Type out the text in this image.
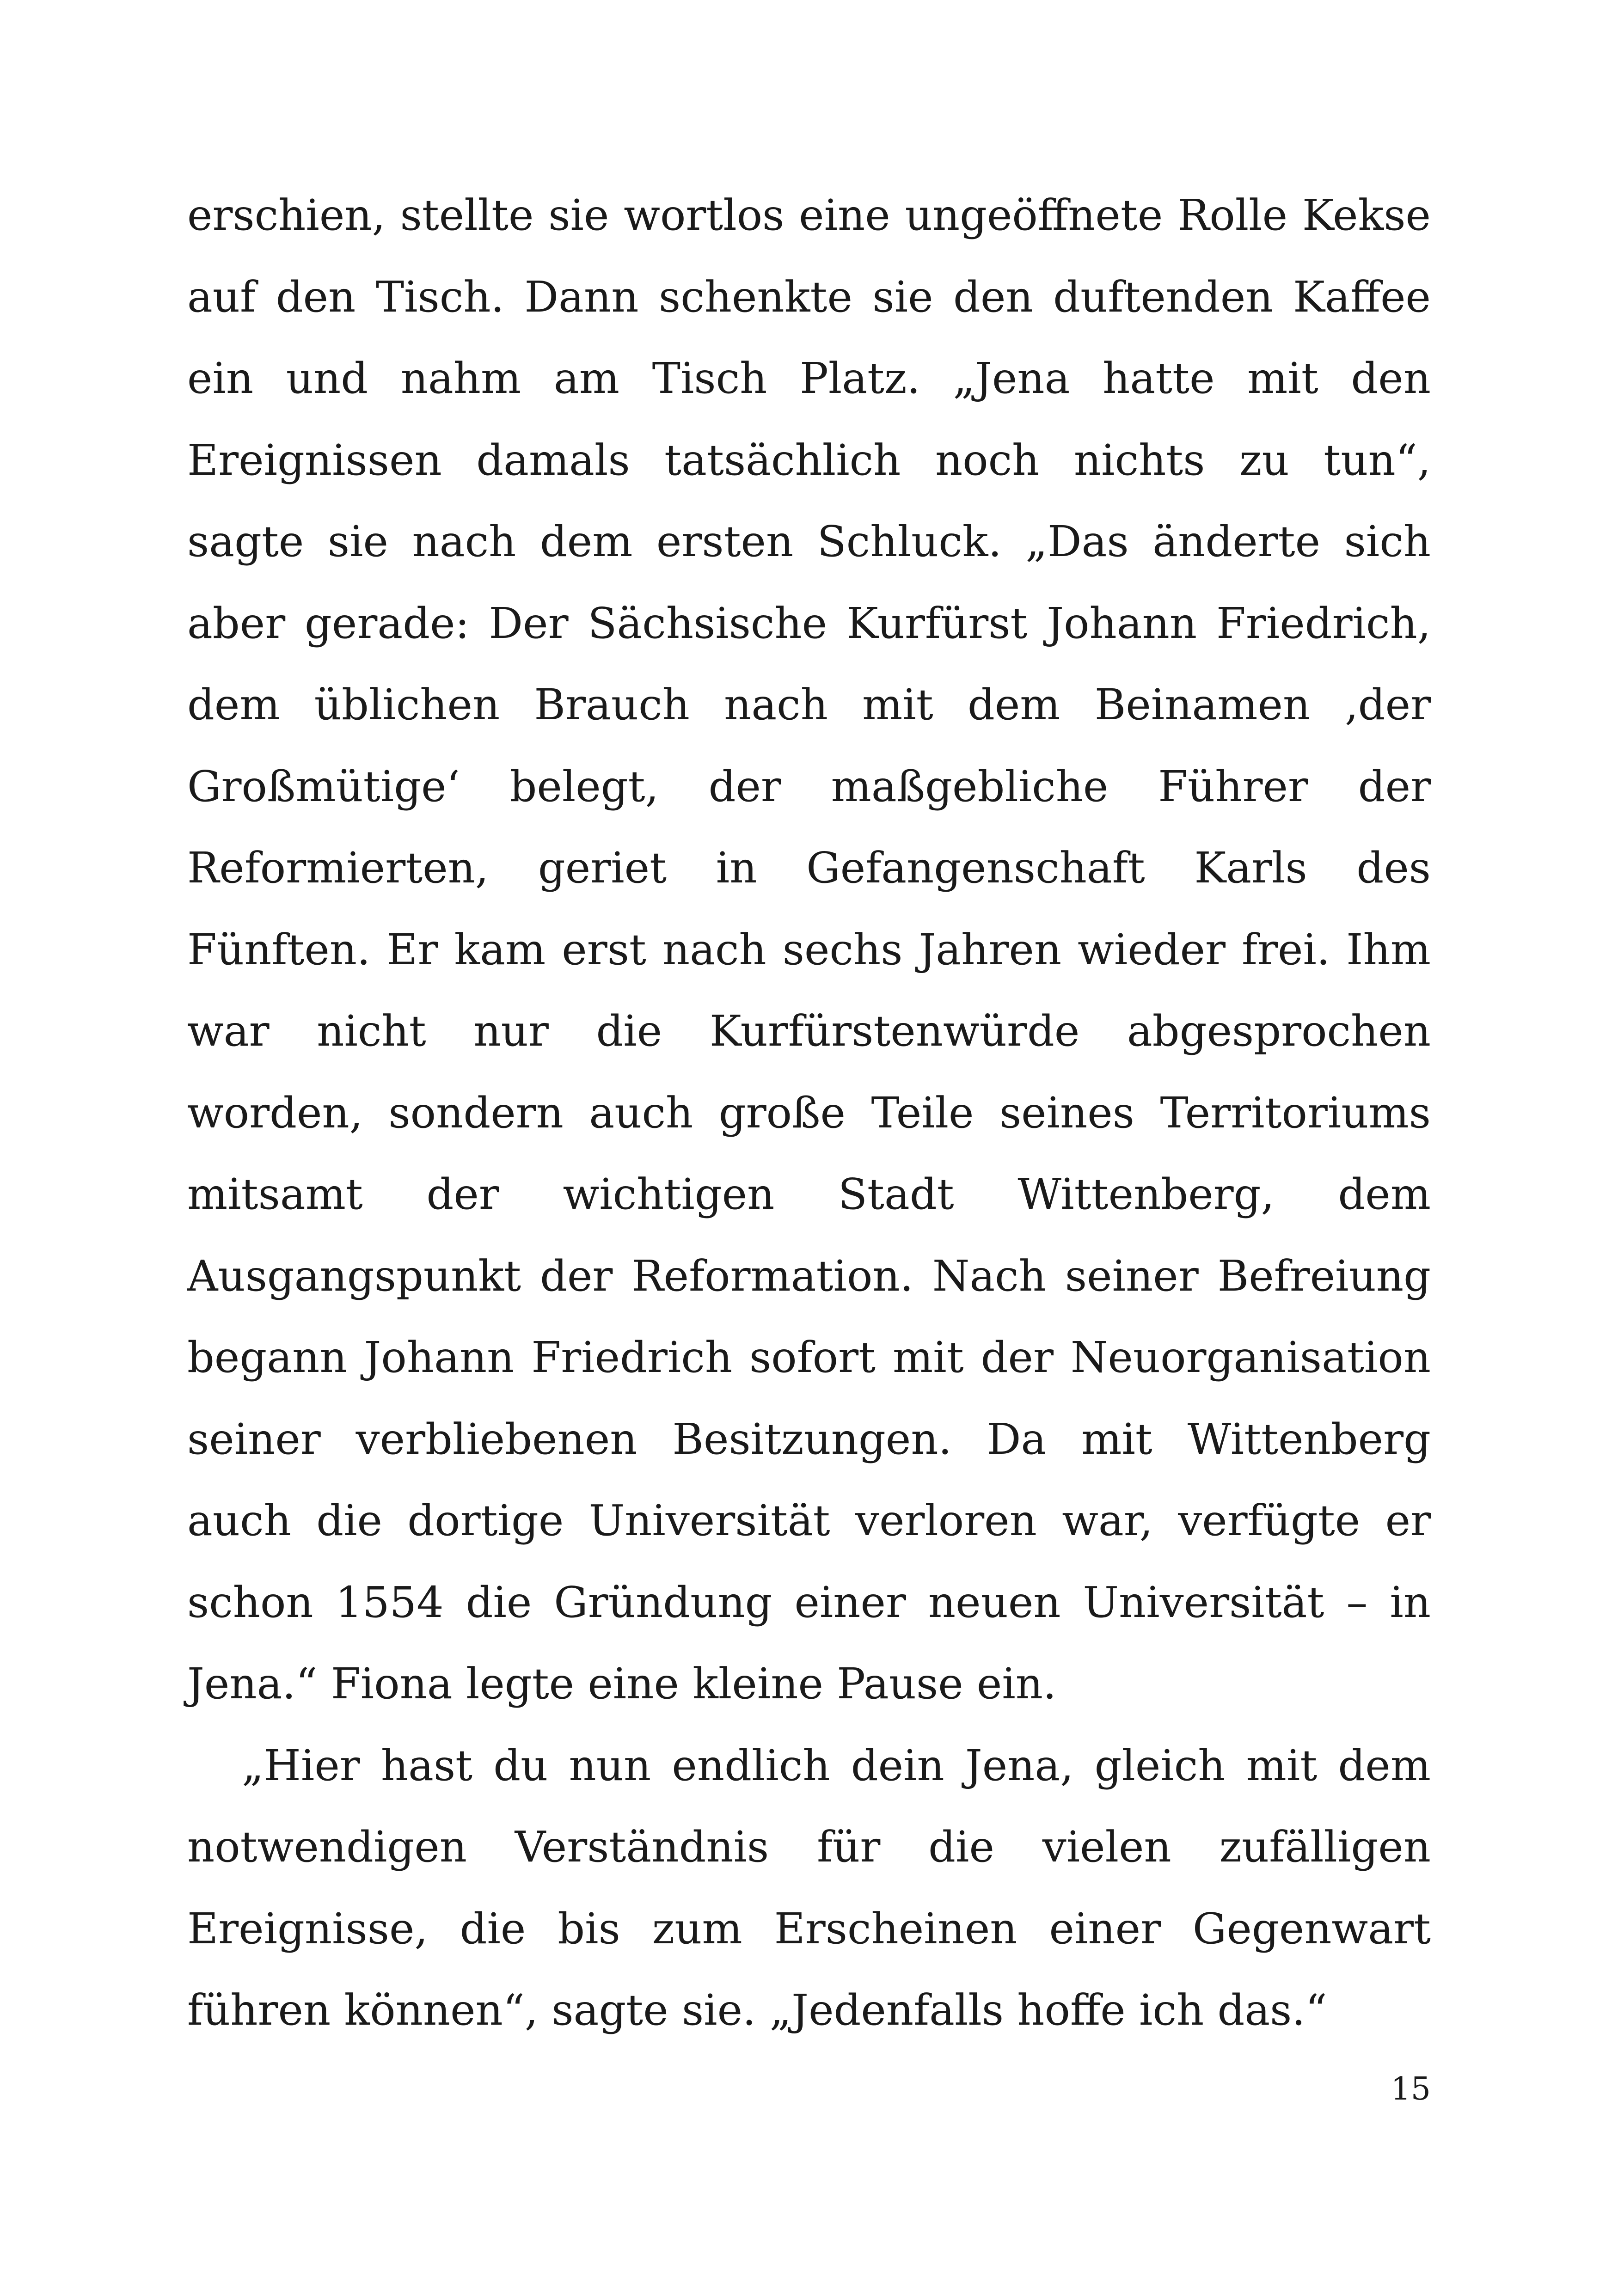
erschien, stellte sie wortlos eine ungeöffnete Rolle Kekse auf den Tisch. Dann schenkte sie den duftenden Kaffee ein und nahm am Tisch Platz. „Jena hatte mit den Ereignissen damals tatsächlich noch nichts zu tun“, sagte sie nach dem ersten Schluck. „Das änderte sich aber gerade: Der Sächsische Kurfürst Johann Friedrich, dem üblichen Brauch nach mit dem Beinamen ‚der Großmütige‘ belegt, der maßgebliche Führer der Reformierten, geriet in Gefangenschaft Karls des Fünften. Er kam erst nach sechs Jahren wieder frei. Ihm war nicht nur die Kurfürstenwürde abgesprochen worden, sondern auch große Teile seines Territoriums mitsamt der wichtigen Stadt Wittenberg, dem Ausgangspunkt der Reformation. Nach seiner Befreiung begann Johann Friedrich sofort mit der Neuorganisation seiner verbliebenen Besitzungen. Da mit Wittenberg auch die dortige Universität verloren war, verfügte er schon 1554 die Gründung einer neuen Universität – in Jena.“ Fiona legte eine kleine Pause ein.

„Hier hast du nun endlich dein Jena, gleich mit dem notwendigen Verständnis für die vielen zufälligen Ereignisse, die bis zum Erscheinen einer Gegenwart führen können“, sagte sie. „Jedenfalls hoffe ich das.“

15
